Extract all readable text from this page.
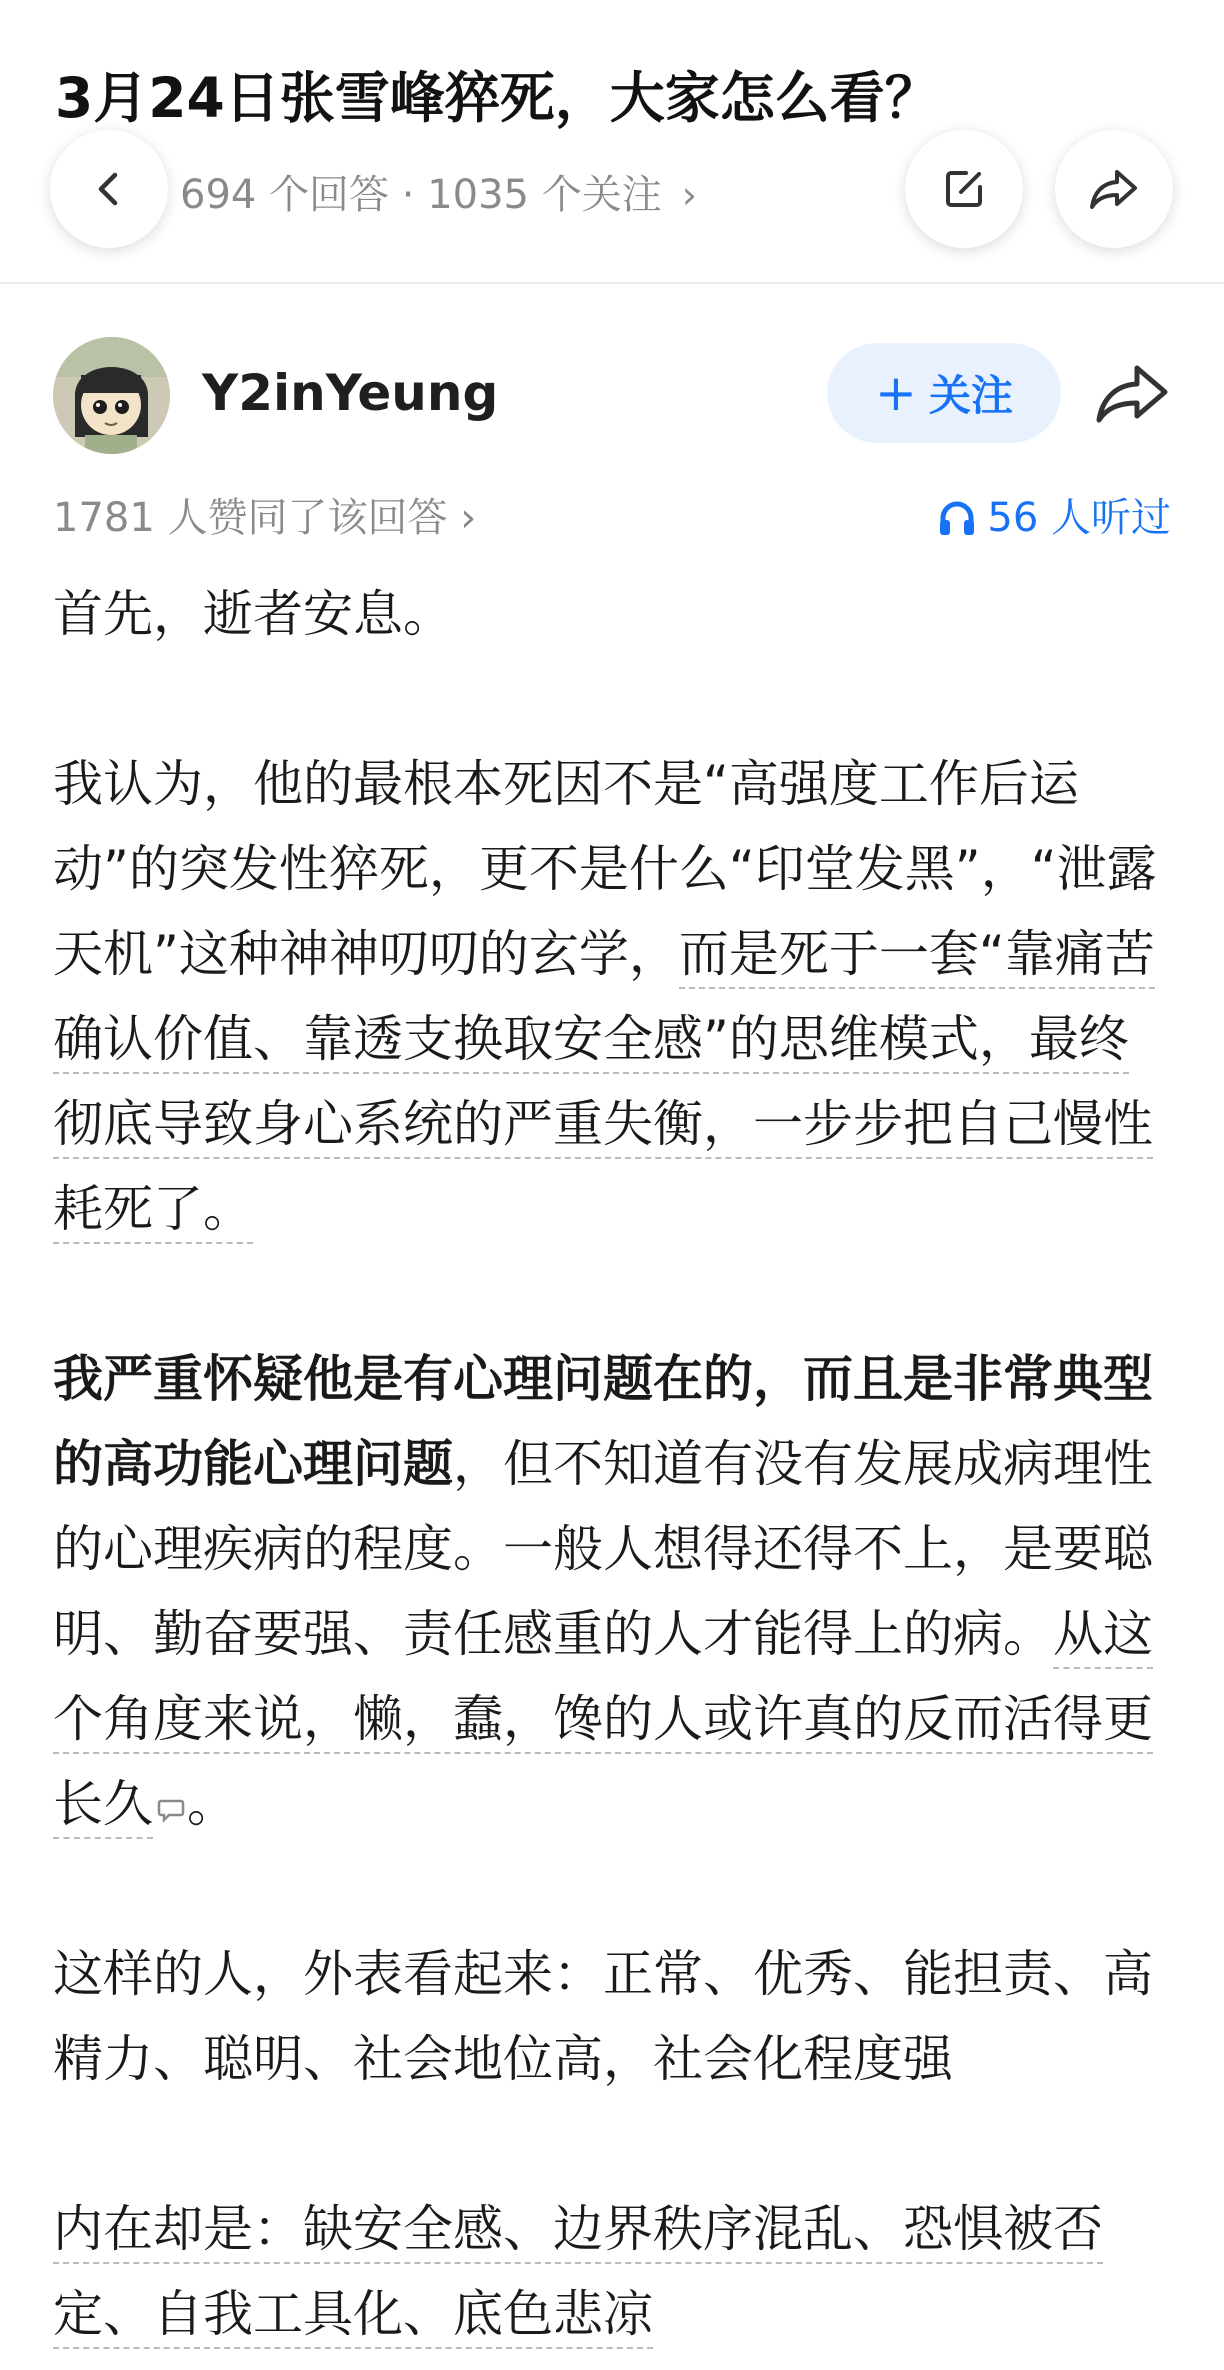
3月24日张雪峰猝死，大家怎么看？
694 个回答 · 1035 个关注 ›
Y2inYeung	+ 关注
1781 人赞同了该回答 ›	56 人听过

首先，逝者安息。

我认为，他的最根本死因不是“高强度工作后运动”的突发性猝死，更不是什么“印堂发黑”，“泄露天机”这种神神叨叨的玄学，而是死于一套“靠痛苦确认价值、靠透支换取安全感”的思维模式，最终彻底导致身心系统的严重失衡，一步步把自己慢性耗死了。

我严重怀疑他是有心理问题在的，而且是非常典型的高功能心理问题，但不知道有没有发展成病理性的心理疾病的程度。一般人想得还得不上，是要聪明、勤奋要强、责任感重的人才能得上的病。从这个角度来说，懒，蠢，馋的人或许真的反而活得更长久 。

这样的人，外表看起来：正常、优秀、能担责、高精力、聪明、社会地位高，社会化程度强

内在却是：缺安全感、边界秩序混乱、恐惧被否定、自我工具化、底色悲凉
